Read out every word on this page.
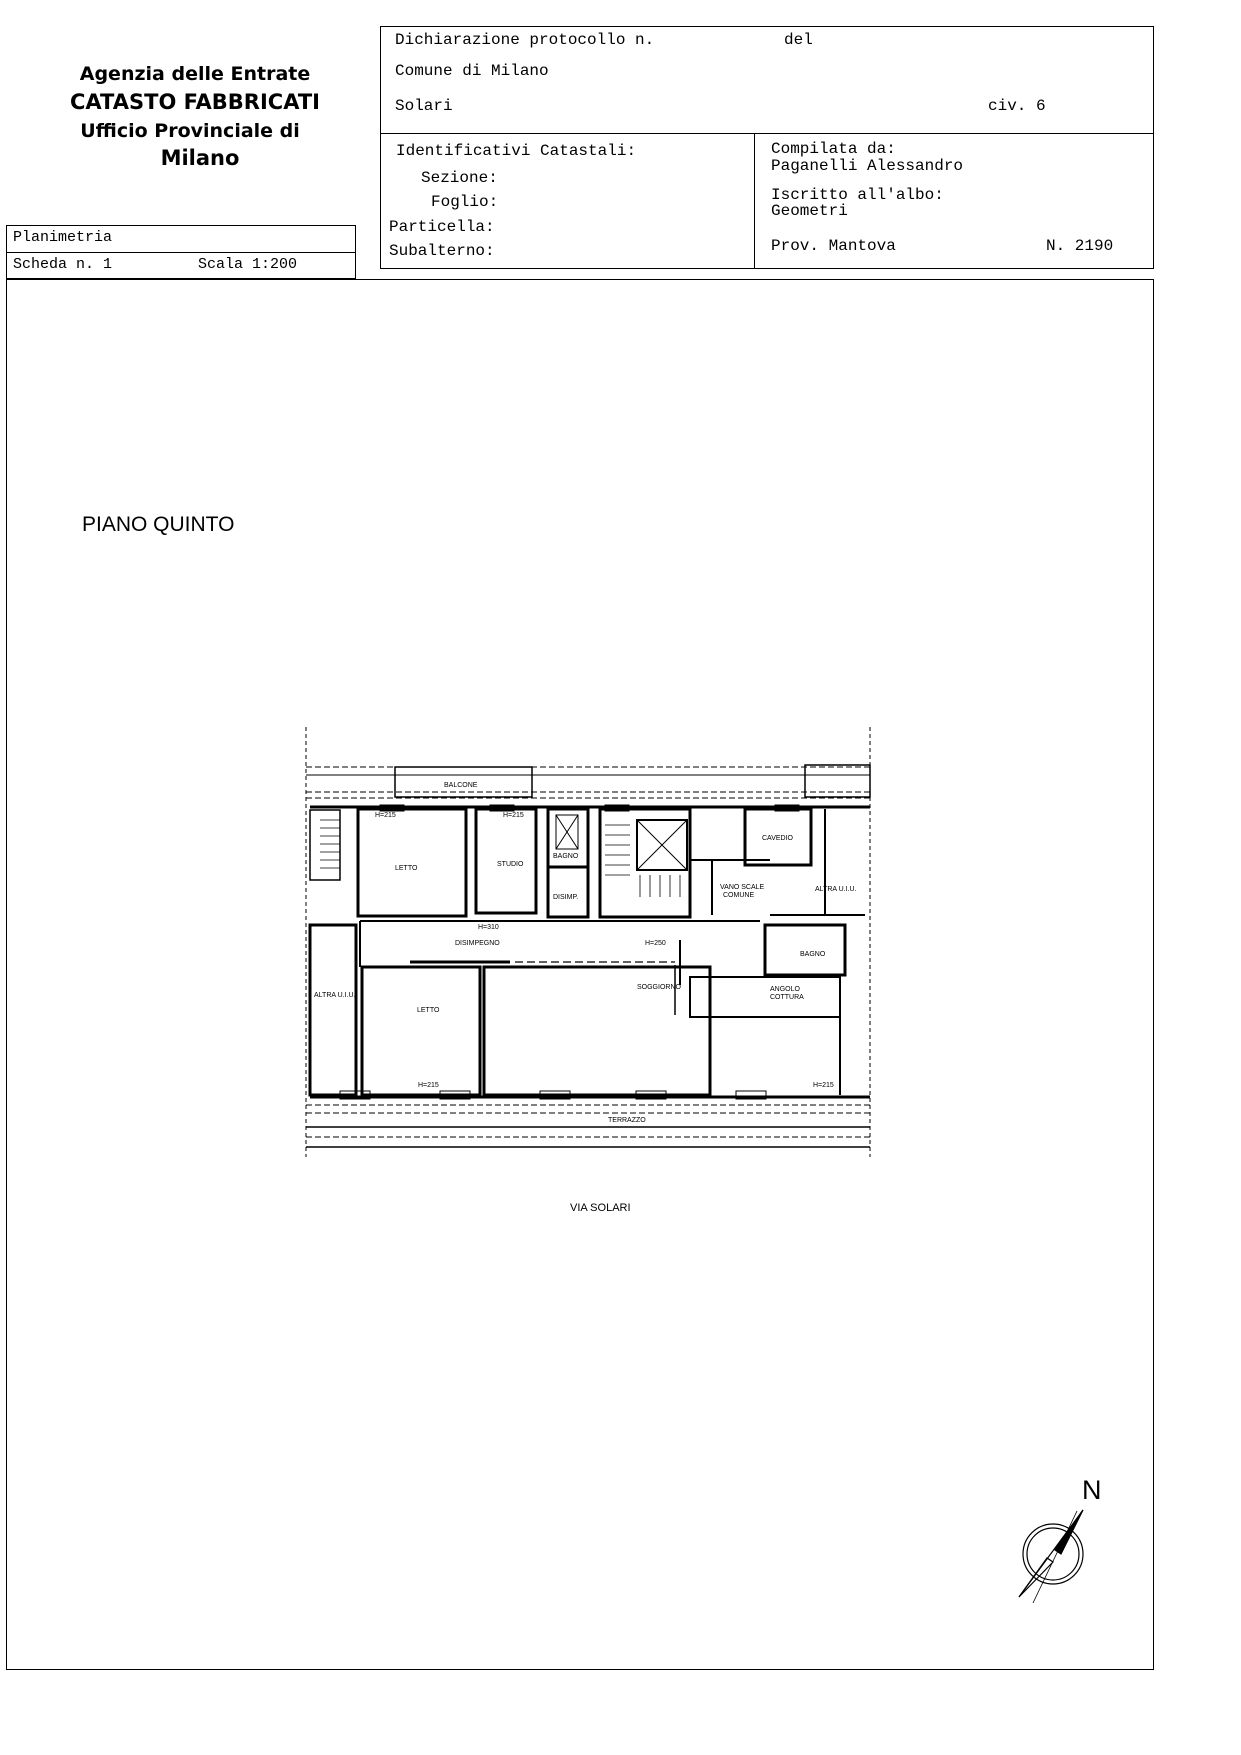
Agenzia delle Entrate
CATASTO FABBRICATI
Ufficio Provinciale di
Milano
Planimetria
Scheda n. 1	Scala 1:200
Dichiarazione protocollo n.	del
Comune di Milano
Solari	civ. 6
Identificativi Catastali:
Sezione:
Foglio:
Particella:
Subalterno:
Compilata da:
Paganelli Alessandro
Iscritto all'albo:
Geometri
Prov. Mantova	N. 2190
PIANO QUINTO
BALCONE
LETTO
STUDIO
BAGNO
DISIMP.
CAVEDIO
VANO SCALE
COMUNE
ALTRA U.I.U.
ALTRA U.I.U.
DISIMPEGNO
BAGNO
SOGGIORNO	ANGOLO
COTTURA
LETTO
TERRAZZO
H=215	H=215
H=310
H=250
H=215	H=215
VIA SOLARI
N
